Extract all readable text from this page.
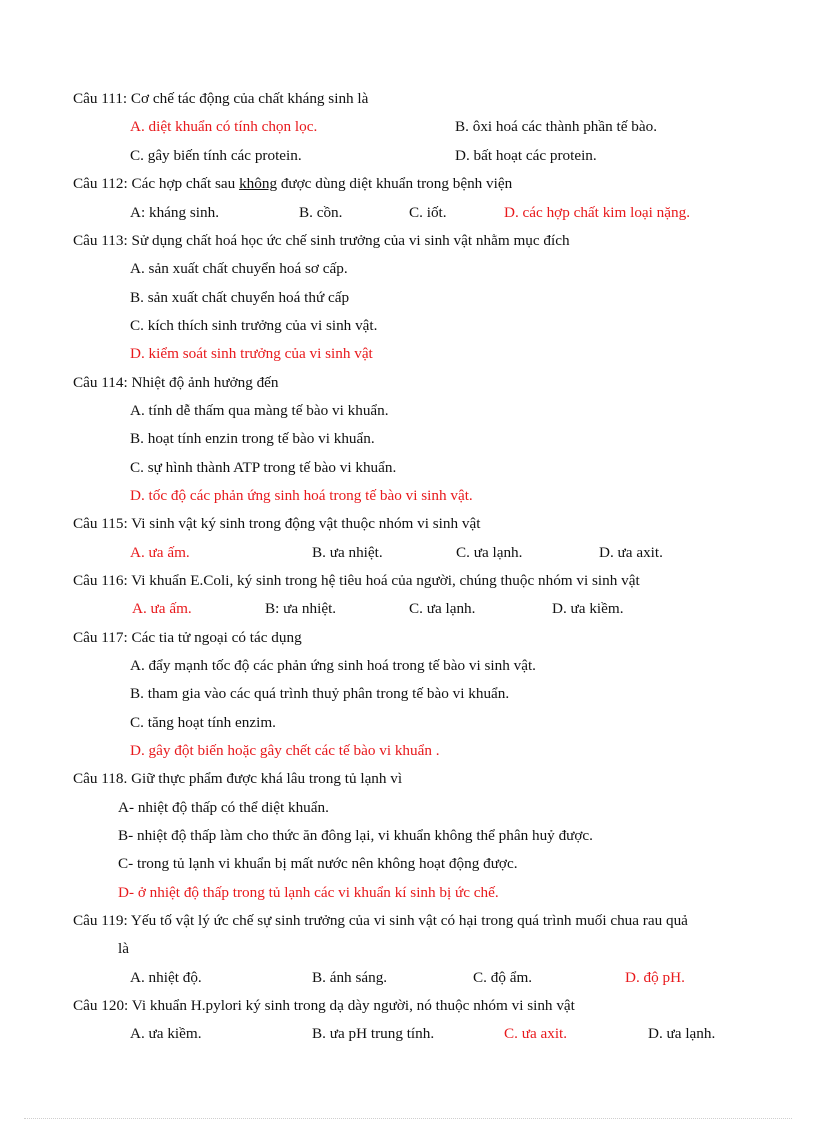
Câu 111: Cơ chế tác động của chất kháng sinh là
A. diệt khuẩn có tính chọn lọc.	B. ôxi hoá các thành phần tế bào.
C. gây biến tính các protein.	D. bất hoạt các protein.
Câu 112: Các hợp chất sau không được dùng diệt khuẩn trong bệnh viện
A: kháng sinh.	B. cồn.	C. iốt.	D. các hợp chất kim loại nặng.
Câu 113: Sử dụng chất hoá học ức chế sinh trưởng của vi sinh vật nhằm mục đích
A. sản xuất chất chuyển hoá sơ cấp.
B. sản xuất chất chuyển hoá thứ cấp
C. kích thích sinh trưởng của vi sinh vật.
D. kiểm soát sinh trưởng của vi sinh vật
Câu 114: Nhiệt độ ảnh hưởng đến
A. tính dễ thấm qua màng tế bào vi khuẩn.
B. hoạt tính enzin trong tế bào vi khuẩn.
C. sự hình thành ATP trong tế bào vi khuẩn.
D. tốc độ các phản ứng sinh hoá trong tế bào vi sinh vật.
Câu 115: Vi sinh vật ký sinh trong động vật thuộc nhóm vi sinh vật
A. ưa ấm.	B. ưa nhiệt.	C. ưa lạnh.	D. ưa axit.
Câu 116: Vi khuẩn E.Coli, ký sinh trong hệ tiêu hoá của người, chúng thuộc nhóm vi sinh vật
A. ưa ấm.	B: ưa nhiệt.	C. ưa lạnh.	D. ưa kiềm.
Câu 117: Các tia tử ngoại có tác dụng
A. đẩy mạnh tốc độ các phản ứng sinh hoá trong tế bào vi sinh vật.
B. tham gia vào các quá trình thuỷ phân trong tế bào vi khuẩn.
C. tăng hoạt tính enzim.
D. gây đột biến hoặc gây chết các tế bào vi khuẩn .
Câu 118. Giữ thực phẩm được khá lâu trong tủ lạnh vì
A- nhiệt độ thấp có thể diệt khuẩn.
B- nhiệt độ thấp làm cho thức ăn đông lại, vi khuẩn không thể phân huỷ được.
C- trong tủ lạnh vi khuẩn bị mất nước nên không hoạt động được.
D- ở nhiệt độ thấp trong tủ lạnh các vi khuẩn kí sinh bị ức chế.
Câu 119: Yếu tố vật lý ức chế sự sinh trưởng của vi sinh vật có hại trong quá trình muối chua rau quả
là
A. nhiệt độ.	B. ánh sáng.	C. độ ẩm.	D. độ pH.
Câu 120: Vi khuẩn H.pylori ký sinh trong dạ dày người, nó thuộc nhóm vi sinh vật
A. ưa kiềm.	B. ưa pH trung tính.	C. ưa axit.	D. ưa lạnh.
